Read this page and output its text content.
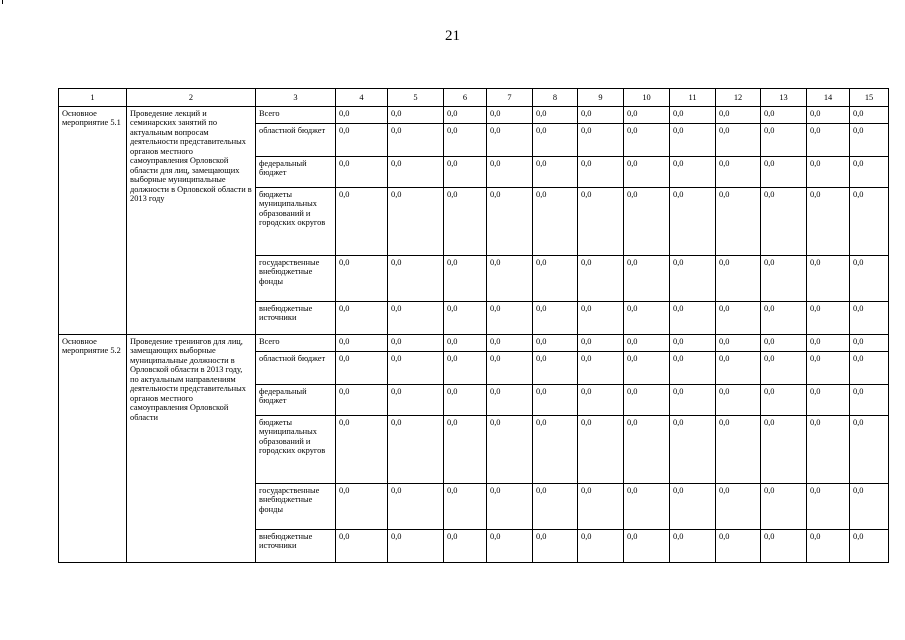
21
1	2	3	4	5	6	7	8	9	10	11	12	13	14	15
Основное мероприятие 5.1	Проведение лекций и семинарских занятий по актуальным вопросам деятельности представительных органов местного самоуправления Орловской области для лиц, замещающих выборные муниципальные должности в Орловской области в 2013 году	Всего	0,0	0,0	0,0	0,0	0,0	0,0	0,0	0,0	0,0	0,0	0,0	0,0
		областной бюджет	0,0	0,0	0,0	0,0	0,0	0,0	0,0	0,0	0,0	0,0	0,0	0,0
		федеральный бюджет	0,0	0,0	0,0	0,0	0,0	0,0	0,0	0,0	0,0	0,0	0,0	0,0
		бюджеты муниципальных образований и городских округов	0,0	0,0	0,0	0,0	0,0	0,0	0,0	0,0	0,0	0,0	0,0	0,0
		государственные внебюджетные фонды	0,0	0,0	0,0	0,0	0,0	0,0	0,0	0,0	0,0	0,0	0,0	0,0
		внебюджетные источники	0,0	0,0	0,0	0,0	0,0	0,0	0,0	0,0	0,0	0,0	0,0	0,0
Основное мероприятие 5.2	Проведение тренингов для лиц, замещающих выборные муниципальные должности в Орловской области в 2013 году, по актуальным направлениям деятельности представительных органов местного самоуправления Орловской области	Всего	0,0	0,0	0,0	0,0	0,0	0,0	0,0	0,0	0,0	0,0	0,0	0,0
		областной бюджет	0,0	0,0	0,0	0,0	0,0	0,0	0,0	0,0	0,0	0,0	0,0	0,0
		федеральный бюджет	0,0	0,0	0,0	0,0	0,0	0,0	0,0	0,0	0,0	0,0	0,0	0,0
		бюджеты муниципальных образований и городских округов	0,0	0,0	0,0	0,0	0,0	0,0	0,0	0,0	0,0	0,0	0,0	0,0
		государственные внебюджетные фонды	0,0	0,0	0,0	0,0	0,0	0,0	0,0	0,0	0,0	0,0	0,0	0,0
		внебюджетные источники	0,0	0,0	0,0	0,0	0,0	0,0	0,0	0,0	0,0	0,0	0,0	0,0
